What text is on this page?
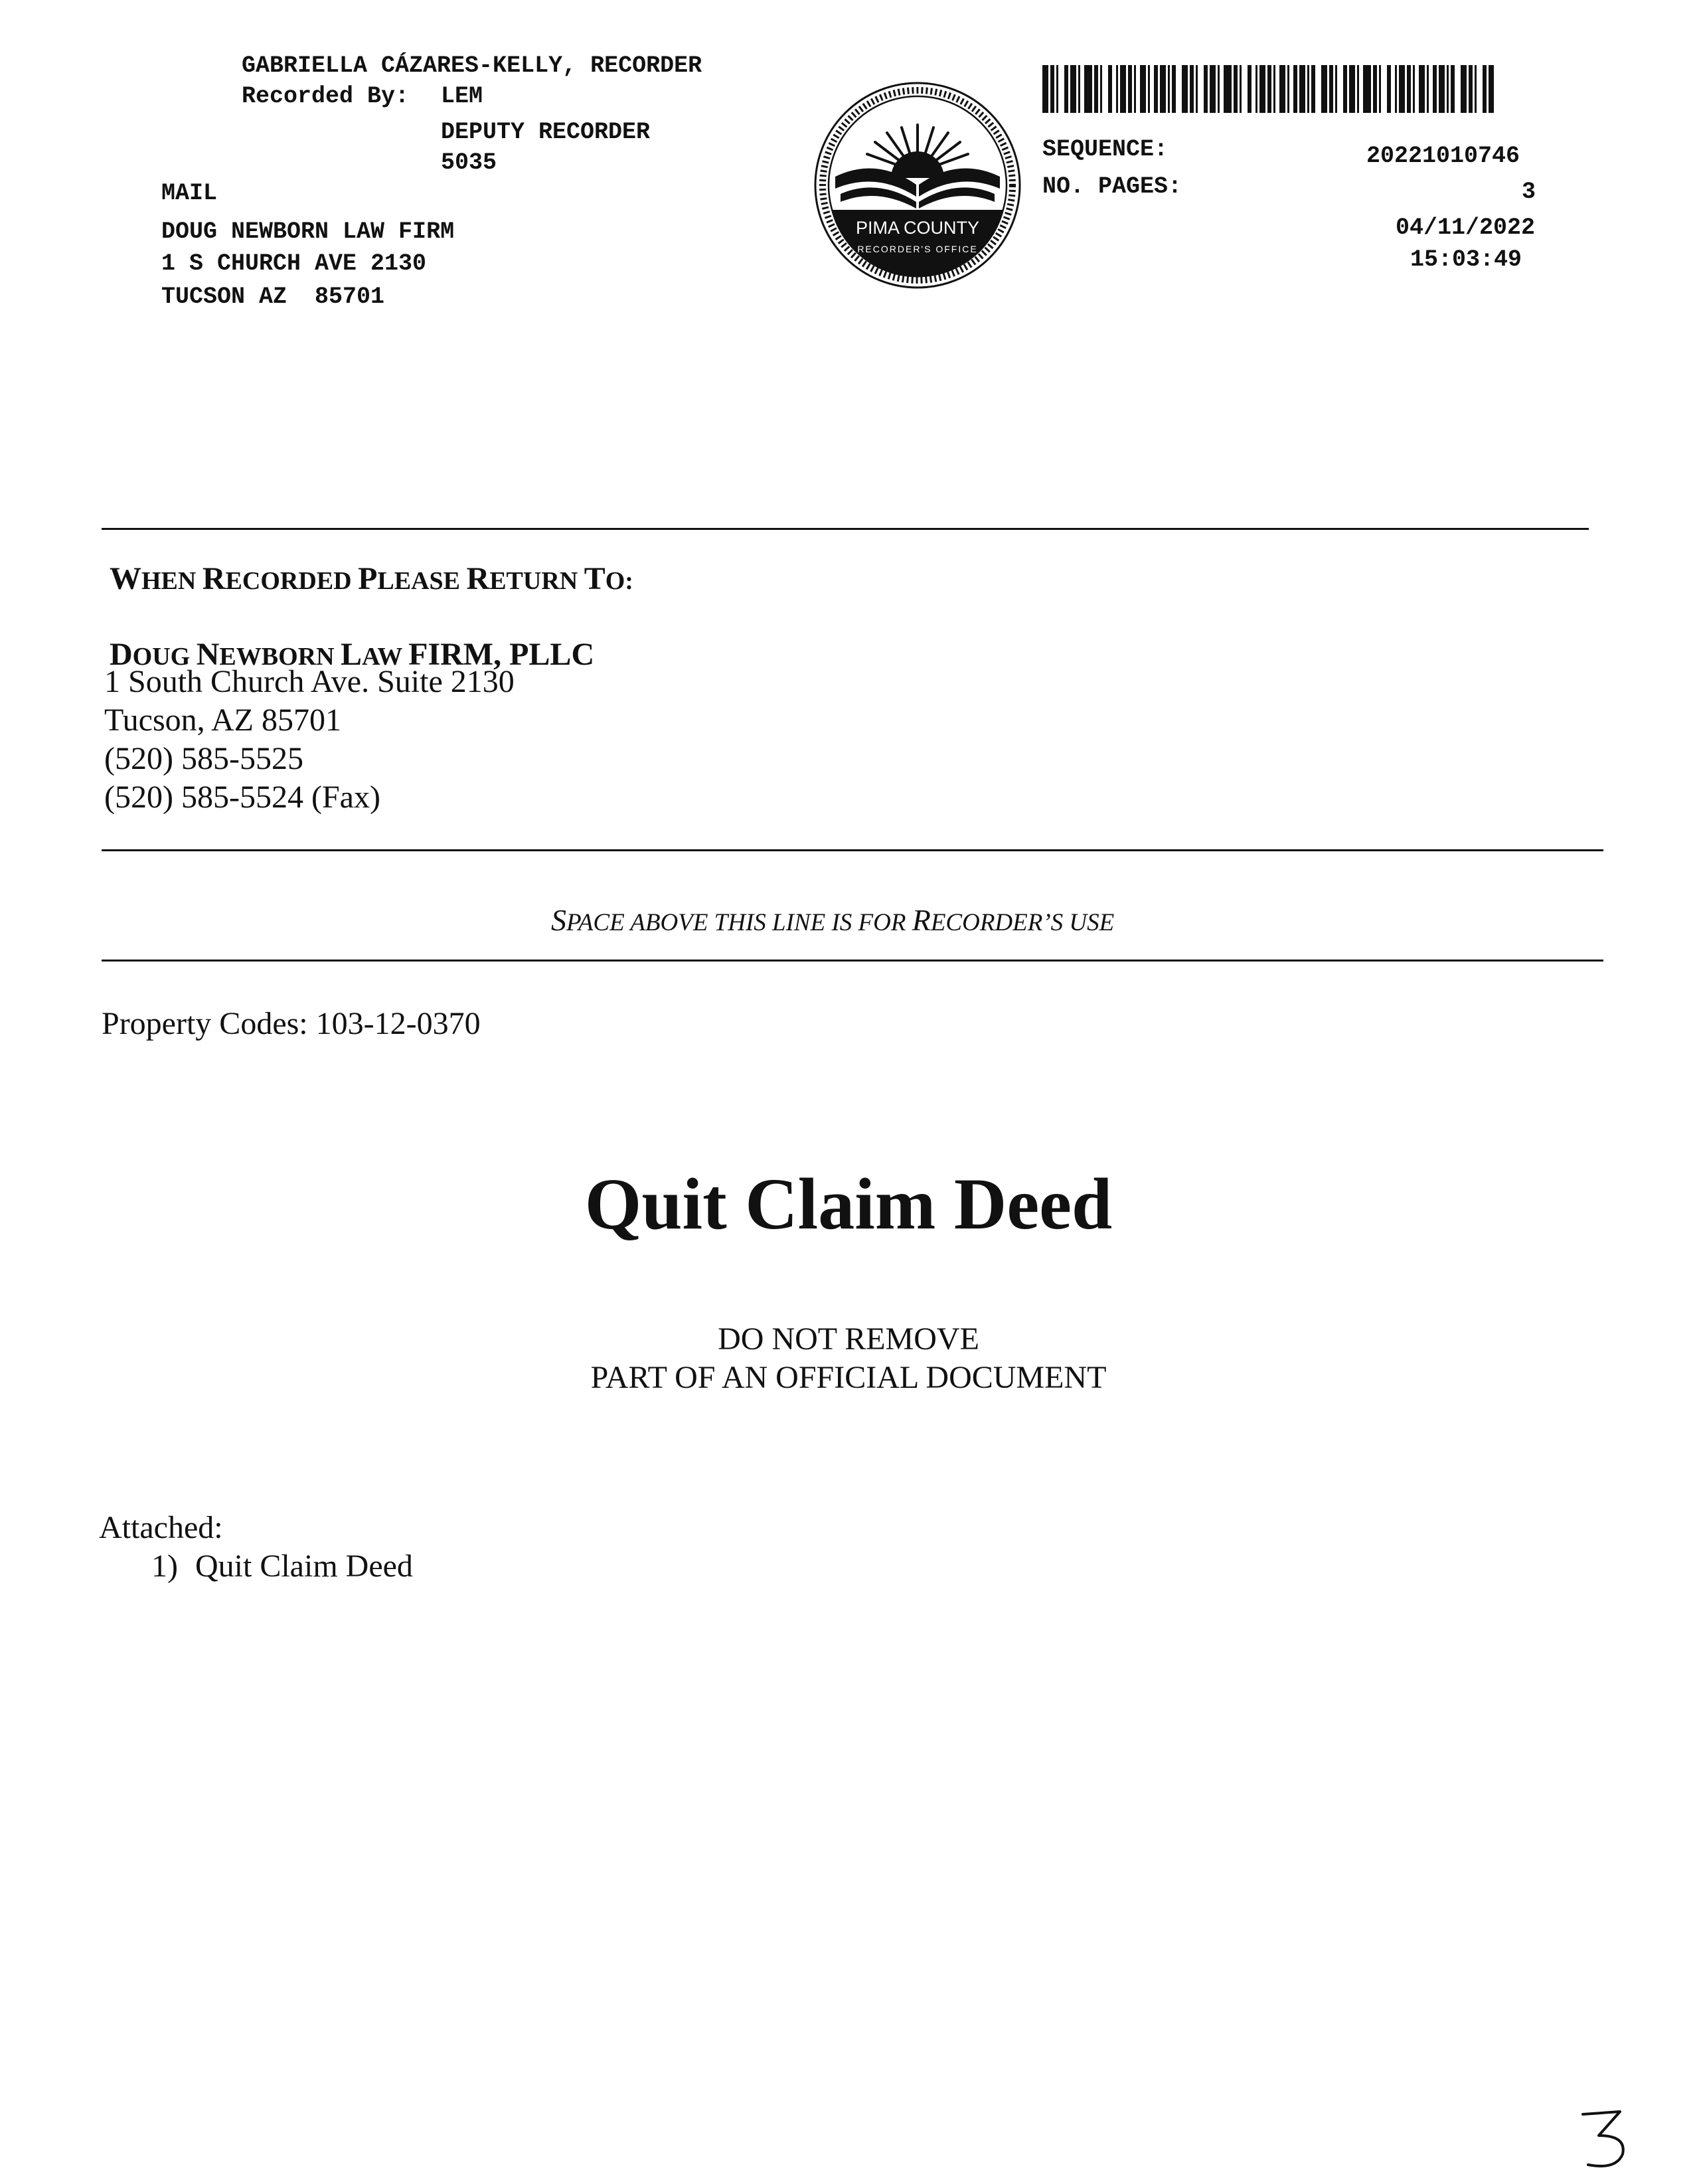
GABRIELLA CÁZARES-KELLY, RECORDER
Recorded By: LEM
DEPUTY RECORDER
5035
MAIL
DOUG NEWBORN LAW FIRM
1 S CHURCH AVE 2130
TUCSON AZ  85701
PIMA COUNTY
RECORDER'S OFFICE
SEQUENCE:	20221010746
NO. PAGES:	3
04/11/2022
15:03:49

WHEN RECORDED PLEASE RETURN TO:

DOUG NEWBORN LAW FIRM, PLLC

1 South Church Ave. Suite 2130
Tucson, AZ 85701
(520) 585-5525
(520) 585-5524 (Fax)

SPACE ABOVE THIS LINE IS FOR RECORDER’S USE

Property Codes: 103-12-0370
Quit Claim Deed
DO NOT REMOVE
PART OF AN OFFICIAL DOCUMENT
Attached:
1) Quit Claim Deed
